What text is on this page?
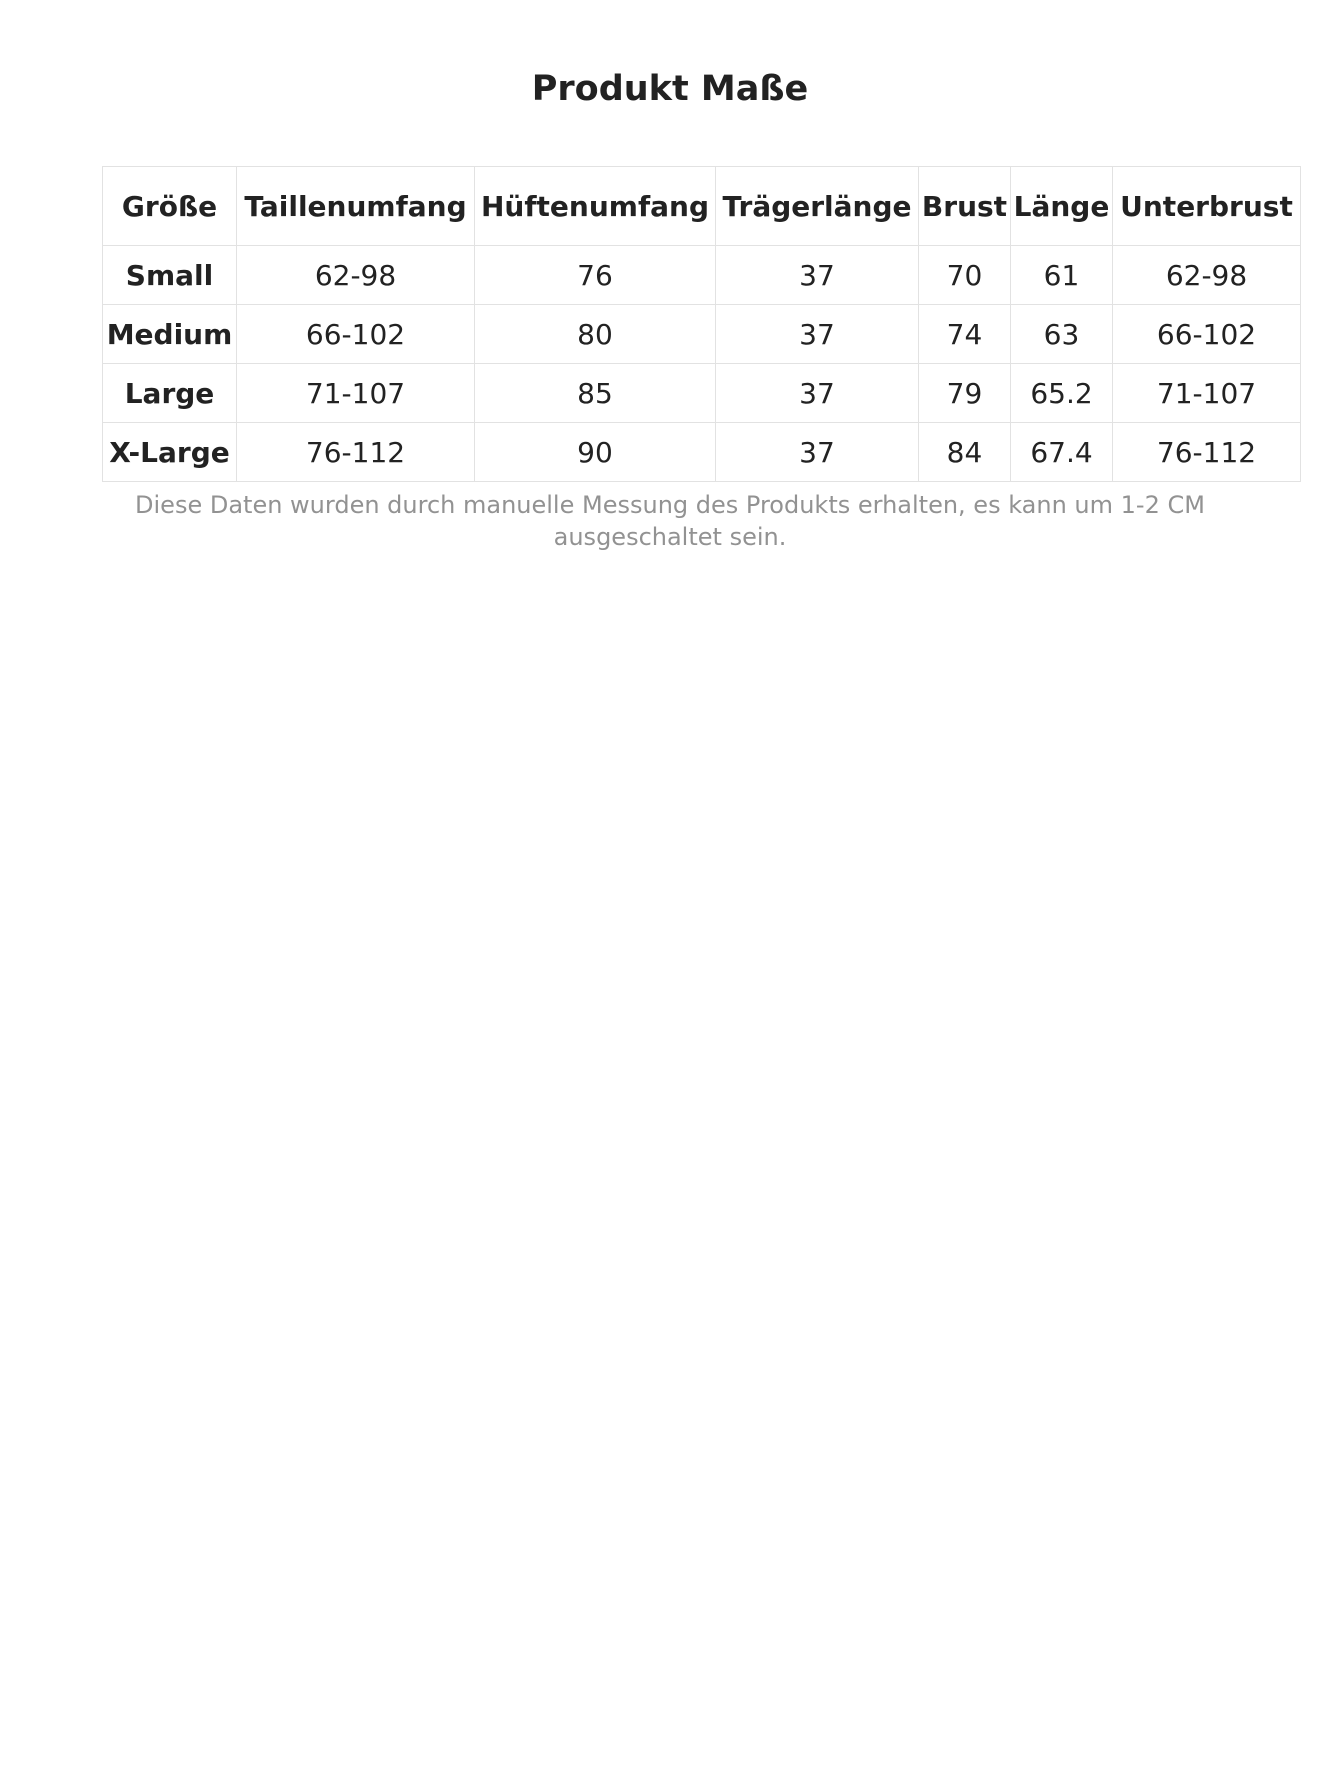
Produkt Maße
Größe	Taillenumfang	Hüftenumfang	Trägerlänge	Brust	Länge	Unterbrust
Small	62-98	76	37	70	61	62-98
Medium	66-102	80	37	74	63	66-102
Large	71-107	85	37	79	65.2	71-107
X-Large	76-112	90	37	84	67.4	76-112

Diese Daten wurden durch manuelle Messung des Produkts erhalten, es kann um 1-2 CM ausgeschaltet sein.
